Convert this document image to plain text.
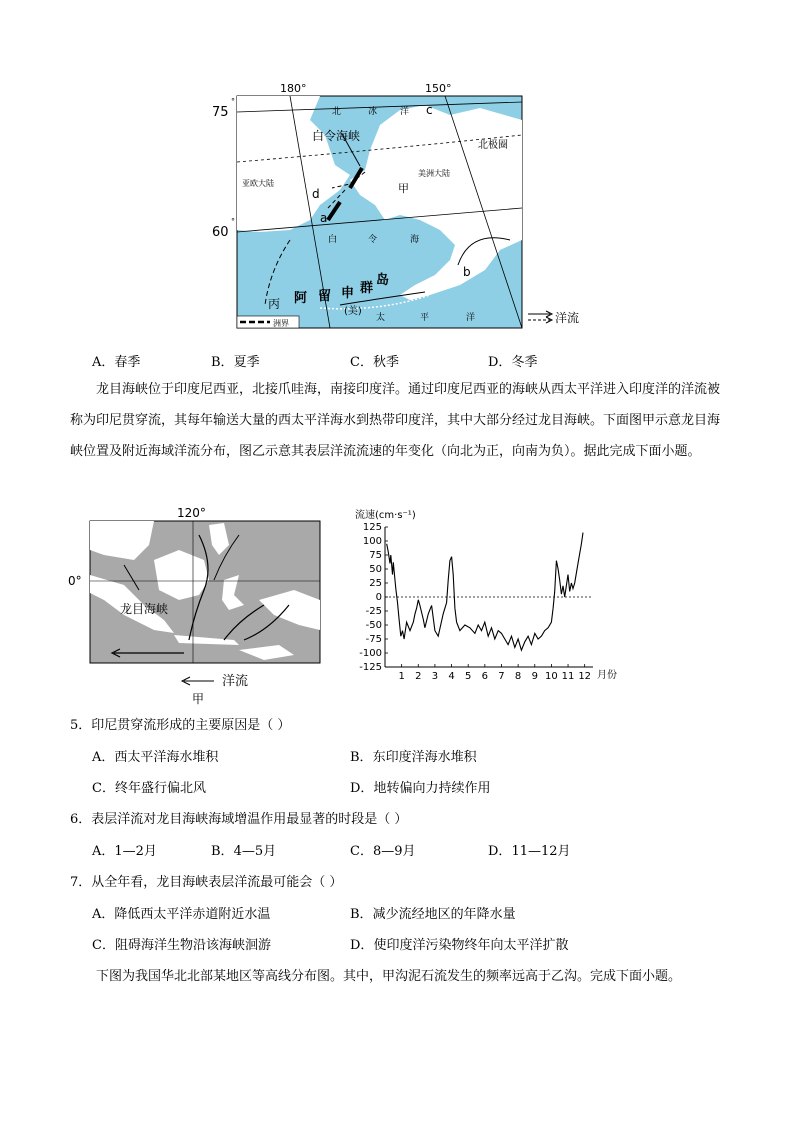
180°	150°
75
°
60
°
北	冰	洋 c
白令海峡
北极圈
亚欧大陆
美洲大陆
甲
d
a
白	令	海
b
阿 留 申 群
岛
(美)
丙
太	平	洋
洲界	洋流
A．春季	B．夏季	C．秋季	D．冬季
龙目海峡位于印度尼西亚，北接爪哇海，南接印度洋。通过印度尼西亚的海峡从西太平洋进入印度洋的洋流被称为印尼贯穿流，其每年输送大量的西太平洋海水到热带印度洋，其中大部分经过龙目海峡。下面图甲示意龙目海峡位置及附近海域洋流分布，图乙示意其表层洋流流速的年变化（向北为正，向南为负）。据此完成下面小题。
120°
0°
龙目海峡
洋流
甲
流速(cm·s⁻¹)
月份
125
100
75
50
25
0
-25
-50
-75
-100
-125
1 2 3 4 5 6 7 8 9 10 11 12
5．印尼贯穿流形成的主要原因是（ ）
A．西太平洋海水堆积	B．东印度洋海水堆积
C．终年盛行偏北风	D．地转偏向力持续作用
6．表层洋流对龙目海峡海域增温作用最显著的时段是（ ）
A．1—2月	B．4—5月	C．8—9月	D．11—12月
7．从全年看，龙目海峡表层洋流最可能会（ ）
A．降低西太平洋赤道附近水温	B．减少流经地区的年降水量
C．阻碍海洋生物沿该海峡洄游	D．使印度洋污染物终年向太平洋扩散
下图为我国华北北部某地区等高线分布图。其中，甲沟泥石流发生的频率远高于乙沟。完成下面小题。
